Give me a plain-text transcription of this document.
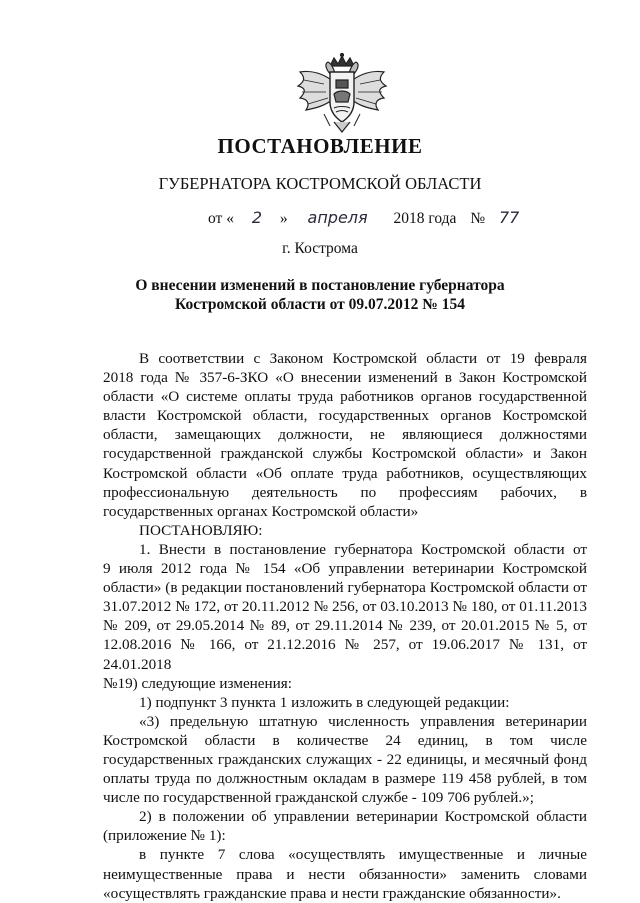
ПОСТАНОВЛЕНИЕ
ГУБЕРНАТОРА КОСТРОМСКОЙ ОБЛАСТИ
от « 2 » апреля 2018 года № 77
г. Кострома
О внесении изменений в постановление губернатора
Костромской области от 09.07.2012 № 154

В соответствии с Законом Костромской области от 19 февраля

2018 года № 357-6-ЗКО «О внесении изменений в Закон Костромской

области «О системе оплаты труда работников органов государственной

власти Костромской области, государственных органов Костромской

области, замещающих должности, не являющиеся должностями

государственной гражданской службы Костромской области» и Закон

Костромской области «Об оплате труда работников, осуществляющих

профессиональную деятельность по профессиям рабочих, в

государственных органах Костромской области»

ПОСТАНОВЛЯЮ:

1. Внести в постановление губернатора Костромской области от

9 июля 2012 года № 154 «Об управлении ветеринарии Костромской

области» (в редакции постановлений губернатора Костромской области от

31.07.2012 № 172, от 20.11.2012 № 256, от 03.10.2013 № 180, от 01.11.2013

№ 209, от 29.05.2014 № 89, от 29.11.2014 № 239, от 20.01.2015 № 5, от

12.08.2016 № 166, от 21.12.2016 № 257, от 19.06.2017 № 131, от 24.01.2018

№19) следующие изменения:

1) подпункт 3 пункта 1 изложить в следующей редакции:

«3) предельную штатную численность управления ветеринарии

Костромской области в количестве 24 единиц, в том числе

государственных гражданских служащих - 22 единицы, и месячный фонд

оплаты труда по должностным окладам в размере 119 458 рублей, в том

числе по государственной гражданской службе - 109 706 рублей.»;

2) в положении об управлении ветеринарии Костромской области

(приложение № 1):

в пункте 7 слова «осуществлять имущественные и личные

неимущественные права и нести обязанности» заменить словами

«осуществлять гражданские права и нести гражданские обязанности».
